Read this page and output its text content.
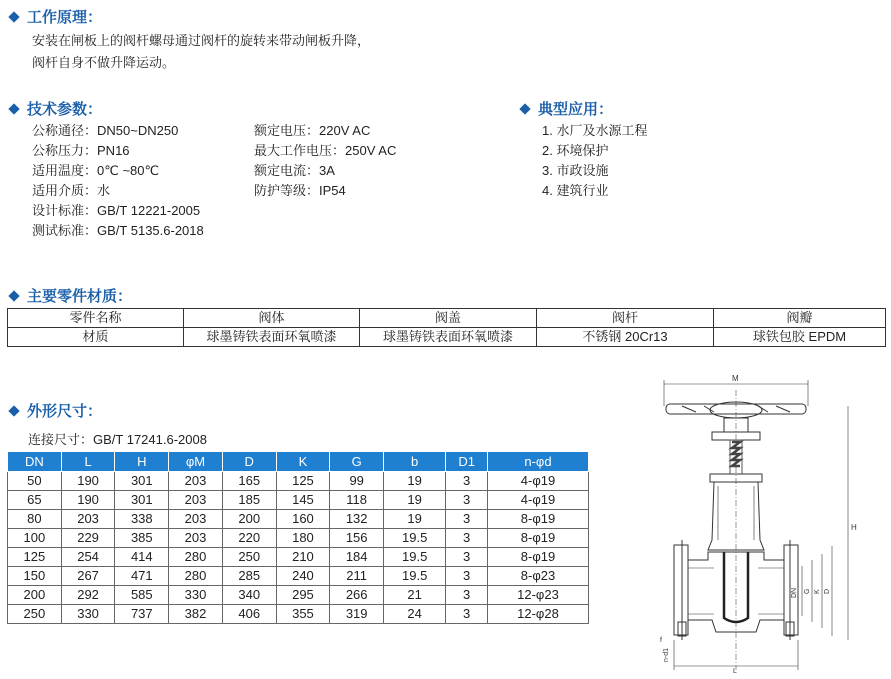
工作原理：
安装在闸板上的阀杆螺母通过阀杆的旋转来带动闸板升降，
阀杆自身不做升降运动。
技术参数：
公称通径：DN50~DN250
公称压力：PN16
适用温度：0℃ ~80℃
适用介质：水
设计标准：GB/T 12221-2005
测试标准：GB/T 5135.6-2018
额定电压：220V AC
最大工作电压：250V AC
额定电流：3A
防护等级：IP54
典型应用：
1. 水厂及水源工程
2. 环境保护
3. 市政设施
4. 建筑行业
主要零件材质：
零件名称	阀体	阀盖	阀杆	阀瓣
材质	球墨铸铁表面环氧喷漆	球墨铸铁表面环氧喷漆	不锈钢 20Cr13	球铁包胶 EPDM
外形尺寸：
连接尺寸：GB/T 17241.6-2008
DN	L	H	φM	D	K	G	b	D1	n-φd
50	190	301	203	165	125	99	19	3	4-φ19
65	190	301	203	185	145	118	19	3	4-φ19
80	203	338	203	200	160	132	19	3	8-φ19
100	229	385	203	220	180	156	19.5	3	8-φ19
125	254	414	280	250	210	184	19.5	3	8-φ19
150	267	471	280	285	240	211	19.5	3	8-φ23
200	292	585	330	340	295	266	21	3	12-φ23
250	330	737	382	406	355	319	24	3	12-φ28
M
H
DN G K D
L
f
n-d1
